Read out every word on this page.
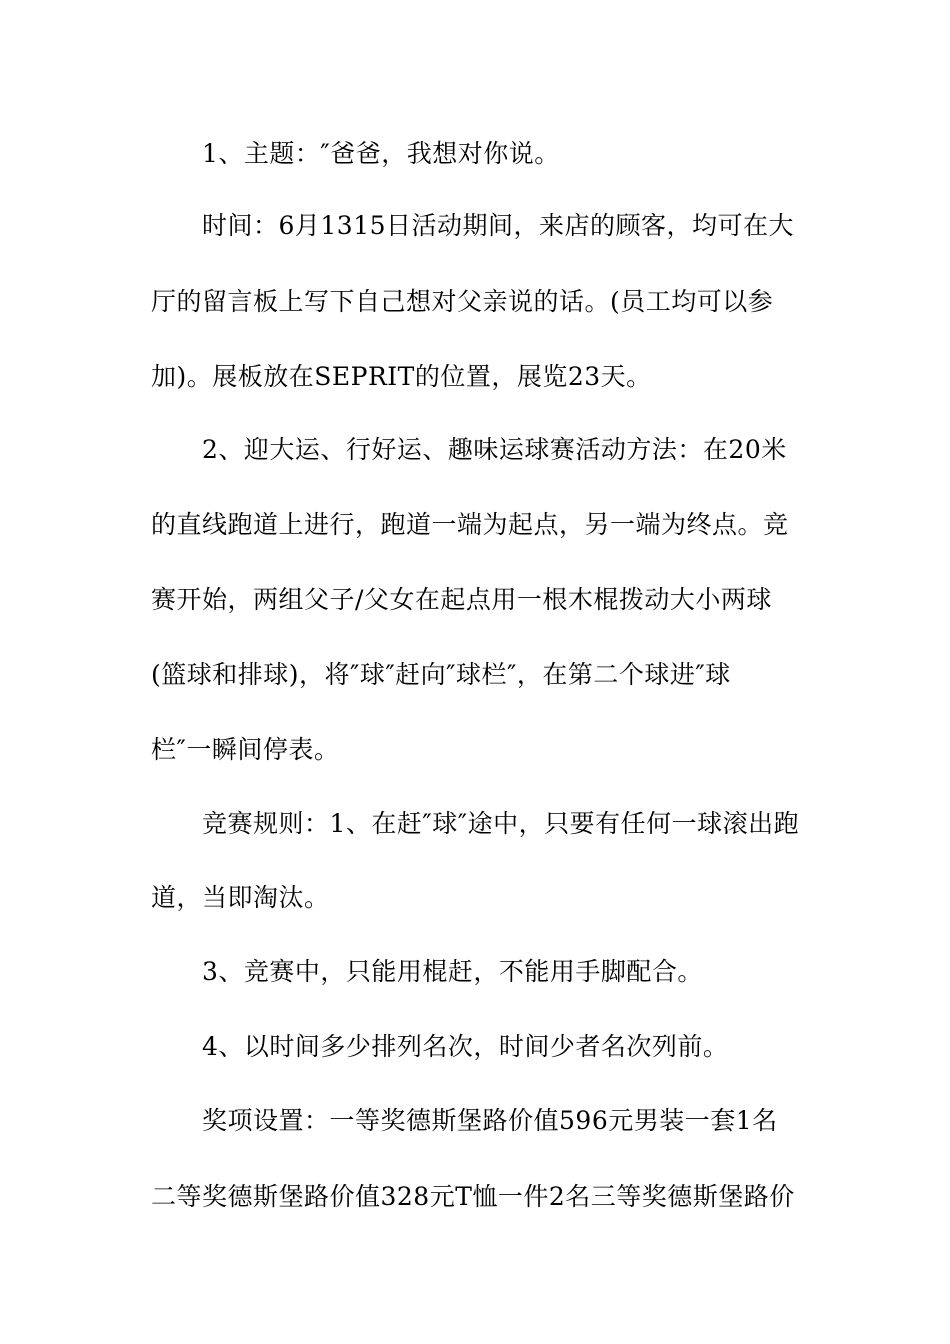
1、主题：″爸爸，我想对你说。
时间：6月1315日活动期间，来店的顾客，均可在大
厅的留言板上写下自己想对父亲说的话。(员工均可以参
加)。展板放在SEPRIT的位置，展览23天。
2、迎大运、行好运、趣味运球赛活动方法：在20米
的直线跑道上进行，跑道一端为起点，另一端为终点。竞
赛开始，两组父子/父女在起点用一根木棍拨动大小两球
(篮球和排球)，将″球″赶向″球栏″，在第二个球进″球
栏″一瞬间停表。
竞赛规则：1、在赶″球″途中，只要有任何一球滚出跑
道，当即淘汰。
3、竞赛中，只能用棍赶，不能用手脚配合。
4、以时间多少排列名次，时间少者名次列前。
奖项设置：一等奖德斯堡路价值596元男装一套1名
二等奖德斯堡路价值328元T恤一件2名三等奖德斯堡路价
